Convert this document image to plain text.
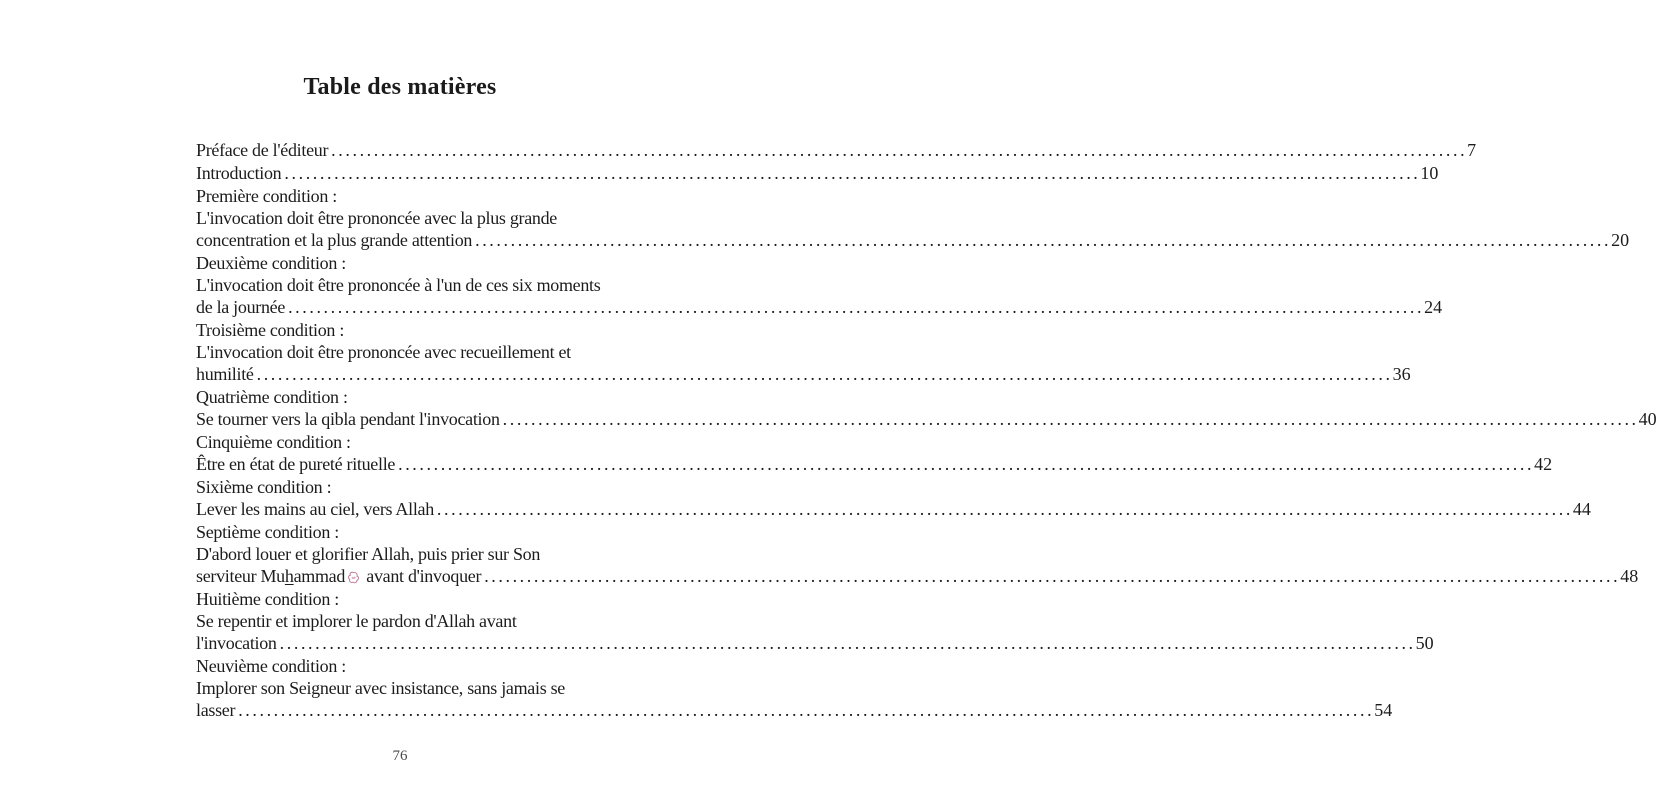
Table des matières
Préface de l'éditeur ................................................................................................................................................................ 7
Introduction ................................................................................................................................................................ 10
Première condition :
L'invocation doit être prononcée avec la plus grande
concentration et la plus grande attention ................................................................................................................................................................ 20
Deuxième condition :
L'invocation doit être prononcée à l'un de ces six moments
de la journée ................................................................................................................................................................ 24
Troisième condition :
L'invocation doit être prononcée avec recueillement et
humilité ................................................................................................................................................................ 36
Quatrième condition :
Se tourner vers la qibla pendant l'invocation ................................................................................................................................................................ 40
Cinquième condition :
Être en état de pureté rituelle ................................................................................................................................................................ 42
Sixième condition :
Lever les mains au ciel, vers Allah ................................................................................................................................................................ 44
Septième condition :
D'abord louer et glorifier Allah, puis prier sur Son
serviteur Muhammad avant d'invoquer ................................................................................................................................................................ 48
Huitième condition :
Se repentir et implorer le pardon d'Allah avant
l'invocation ................................................................................................................................................................ 50
Neuvième condition :
Implorer son Seigneur avec insistance, sans jamais se
lasser ................................................................................................................................................................ 54
76
